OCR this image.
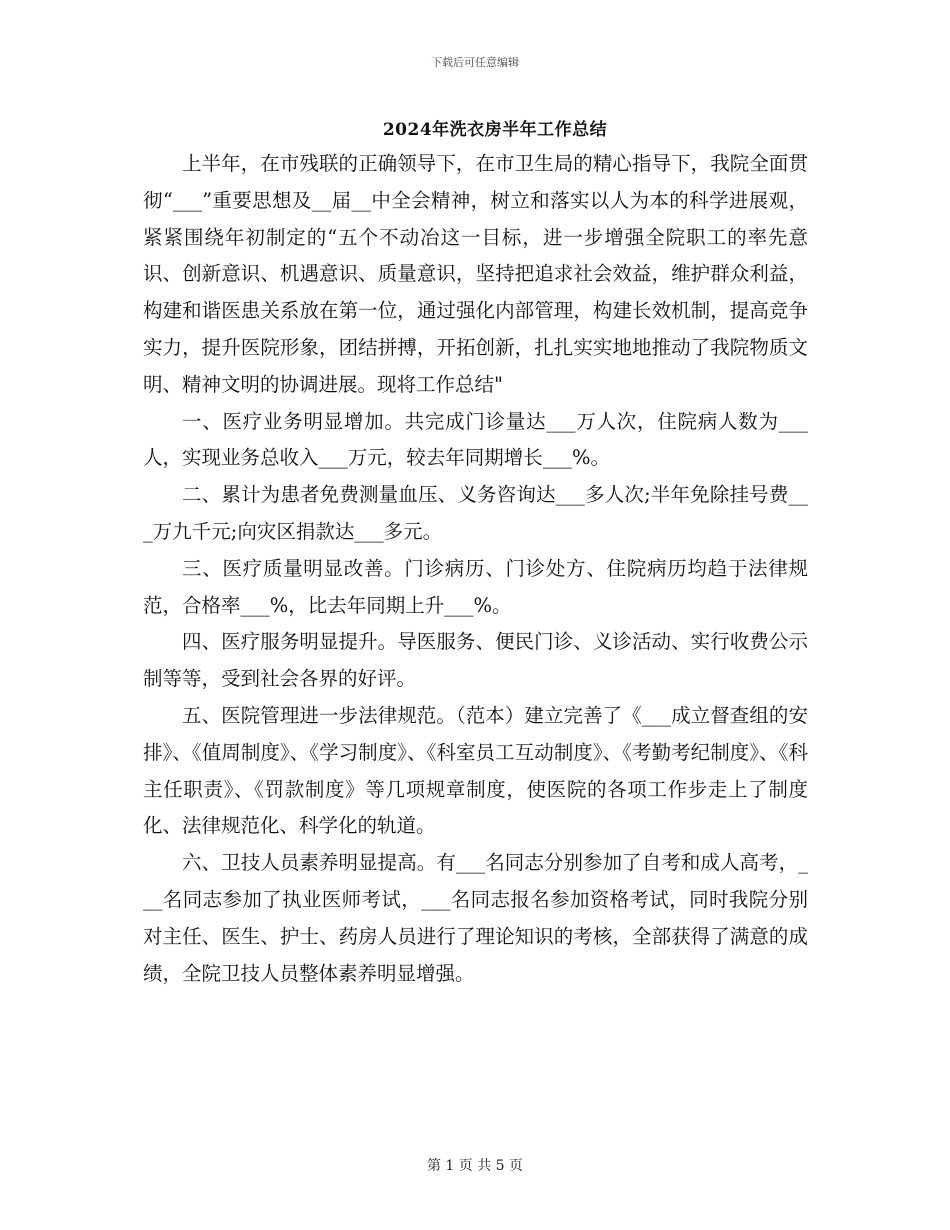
下载后可任意编辑
2024年洗衣房半年工作总结

上半年，在市残联的正确领导下，在市卫生局的精心指导下，我院全面贯彻“___”重要思想及__届__中全会精神，树立和落实以人为本的科学进展观，紧紧围绕年初制定的“五个不动冶这一目标，进一步增强全院职工的率先意识、创新意识、机遇意识、质量意识，坚持把追求社会效益，维护群众利益，构建和谐医患关系放在第一位，通过强化内部管理，构建长效机制，提高竞争实力，提升医院形象，团结拼搏，开拓创新，扎扎实实地地推动了我院物质文明、精神文明的协调进展。现将工作总结"

一、医疗业务明显增加。共完成门诊量达___万人次，住院病人数为___人，实现业务总收入___万元，较去年同期增长___%。

二、累计为患者免费测量血压、义务咨询达___多人次;半年免除挂号费___万九千元;向灾区捐款达___多元。

三、医疗质量明显改善。门诊病历、门诊处方、住院病历均趋于法律规范，合格率___%，比去年同期上升___%。

四、医疗服务明显提升。导医服务、便民门诊、义诊活动、实行收费公示制等等，受到社会各界的好评。

五、医院管理进一步法律规范。（范本）建立完善了《___成立督查组的安排》、《值周制度》、《学习制度》、《科室员工互动制度》、《考勤考纪制度》、《科主任职责》、《罚款制度》等几项规章制度，使医院的各项工作步走上了制度化、法律规范化、科学化的轨道。

六、卫技人员素养明显提高。有___名同志分别参加了自考和成人高考，___名同志参加了执业医师考试，___名同志报名参加资格考试，同时我院分别对主任、医生、护士、药房人员进行了理论知识的考核，全部获得了满意的成绩，全院卫技人员整体素养明显增强。

第 1 页 共 5 页
